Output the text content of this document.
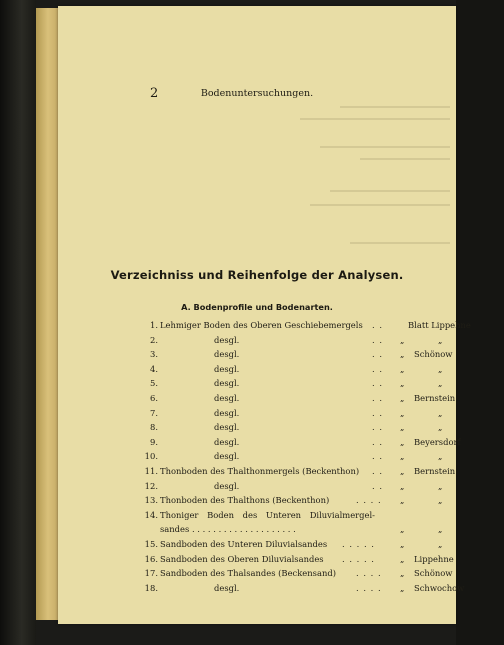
2	Bodenuntersuchungen.
Verzeichniss und Reihenfolge der Analysen.
A. Bodenprofile und Bodenarten.
1. Lehmiger Boden des Oberen Geschiebemergels . .	Blatt Lippehne
2.	desgl.	. .	„	„
3.	desgl.	. .	„ Schönow
4.	desgl.	. .	„	„
5.	desgl.	. .	„	„
6.	desgl.	. .	„ Bernstein
7.	desgl.	. .	„	„
8.	desgl.	. .	„	„
9.	desgl.	. .	„ Beyersdorf
10.	desgl.	. .	„	„
11. Thonboden des Thalthonmergels (Beckenthon) . .	„ Bernstein
12.	desgl.	. .	„	„
13. Thonboden des Thalthons (Beckenthon)	. . . . „	„
14. Thoniger Boden des Unteren Diluvialmergel-
sandes . . . . . . . . . . . . . . . . . . . .	„	„
15. Sandboden des Unteren Diluvialsandes . . . . .	„	„
16. Sandboden des Oberen Diluvialsandes . . . . .	„ Lippehne
17. Sandboden des Thalsandes (Beckensand) . . . . „ Schönow
18.	desgl.	. . . . „ Schwochow
